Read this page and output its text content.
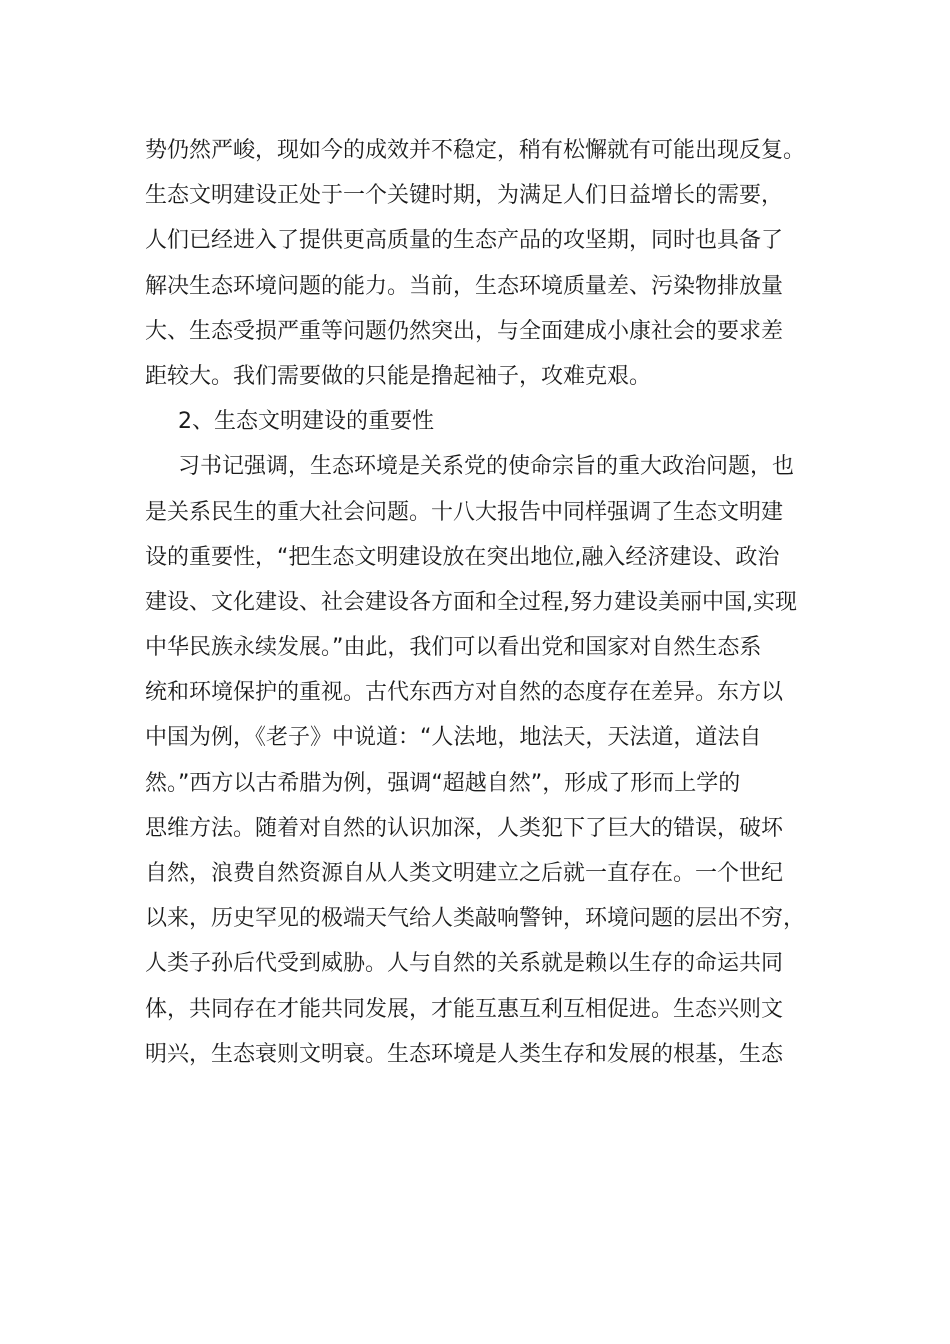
势仍然严峻，现如今的成效并不稳定，稍有松懈就有可能出现反复。
生态文明建设正处于一个关键时期，为满足人们日益增长的需要，
人们已经进入了提供更高质量的生态产品的攻坚期，同时也具备了
解决生态环境问题的能力。当前，生态环境质量差、污染物排放量
大、生态受损严重等问题仍然突出，与全面建成小康社会的要求差
距较大。我们需要做的只能是撸起袖子，攻难克艰。
2、生态文明建设的重要性
习书记强调，生态环境是关系党的使命宗旨的重大政治问题，也
是关系民生的重大社会问题。十八大报告中同样强调了生态文明建
设的重要性，“把生态文明建设放在突出地位,融入经济建设、政治
建设、文化建设、社会建设各方面和全过程,努力建设美丽中国,实现
中华民族永续发展。”由此，我们可以看出党和国家对自然生态系
统和环境保护的重视。古代东西方对自然的态度存在差异。东方以
中国为例，《老子》中说道：“人法地，地法天，天法道，道法自
然。”西方以古希腊为例，强调“超越自然”，形成了形而上学的
思维方法。随着对自然的认识加深，人类犯下了巨大的错误，破坏
自然，浪费自然资源自从人类文明建立之后就一直存在。一个世纪
以来，历史罕见的极端天气给人类敲响警钟，环境问题的层出不穷，
人类子孙后代受到威胁。人与自然的关系就是赖以生存的命运共同
体，共同存在才能共同发展，才能互惠互利互相促进。生态兴则文
明兴，生态衰则文明衰。生态环境是人类生存和发展的根基，生态
